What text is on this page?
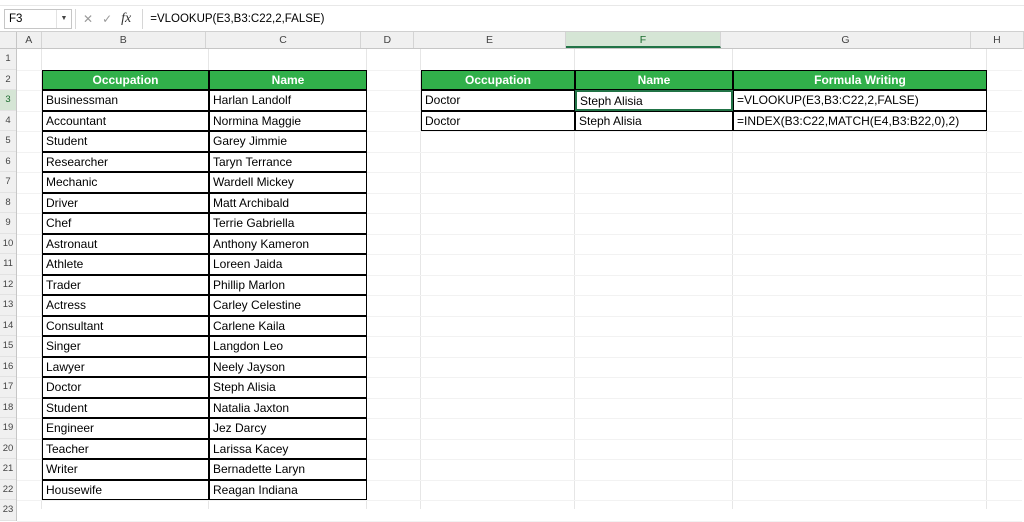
F3	▼ ✕ ✓ fx	=VLOOKUP(E3,B3:C22,2,FALSE)
A	B	C	D	E	F	G	H
1
2
3
4
5
6
7
8
9
10
11
12
13
14
15
16
17
18
19
20
21
22
23
Occupation	Name
Businessman	Harlan Landolf
Accountant	Normina Maggie
Student	Garey Jimmie
Researcher	Taryn Terrance
Mechanic	Wardell Mickey
Driver	Matt Archibald
Chef	Terrie Gabriella
Astronaut	Anthony Kameron
Athlete	Loreen Jaida
Trader	Phillip Marlon
Actress	Carley Celestine
Consultant	Carlene Kaila
Singer	Langdon Leo
Lawyer	Neely Jayson
Doctor	Steph Alisia
Student	Natalia Jaxton
Engineer	Jez Darcy
Teacher	Larissa Kacey
Writer	Bernadette Laryn
Housewife	Reagan Indiana
Occupation	Name	Formula Writing
Doctor	Steph Alisia	=VLOOKUP(E3,B3:C22,2,FALSE)
Doctor	Steph Alisia	=INDEX(B3:C22,MATCH(E4,B3:B22,0),2)
